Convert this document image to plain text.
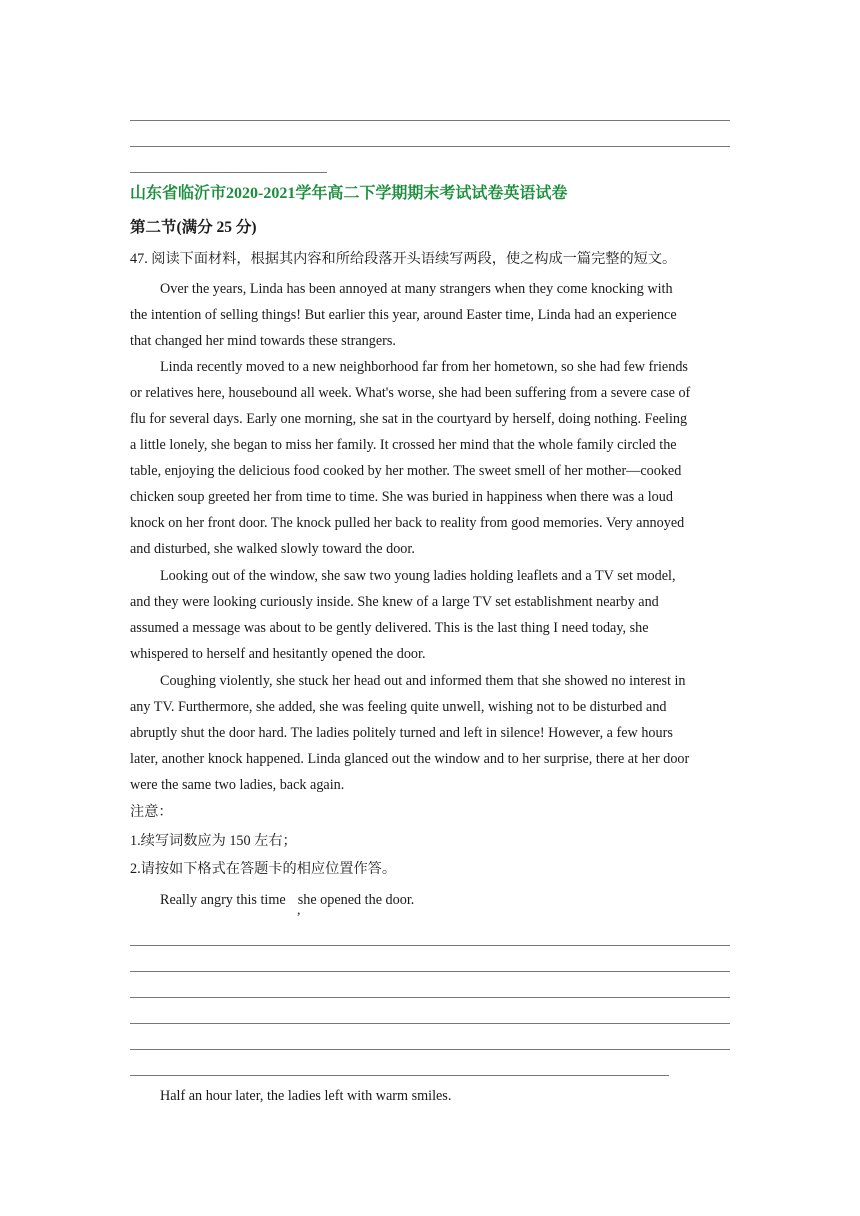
山东省临沂市2020-2021学年高二下学期期末考试试卷英语试卷
第二节(满分 25 分)
47. 阅读下面材料，根据其内容和所给段落开头语续写两段，使之构成一篇完整的短文。
Over the years, Linda has been annoyed at many strangers when they come knocking with
the intention of selling things! But earlier this year, around Easter time, Linda had an experience
that changed her mind towards these strangers.
Linda recently moved to a new neighborhood far from her hometown, so she had few friends
or relatives here, housebound all week. What's worse, she had been suffering from a severe case of
flu for several days. Early one morning, she sat in the courtyard by herself, doing nothing. Feeling
a little lonely, she began to miss her family. It crossed her mind that the whole family circled the
table, enjoying the delicious food cooked by her mother. The sweet smell of her mother—cooked
chicken soup greeted her from time to time. She was buried in happiness when there was a loud
knock on her front door. The knock pulled her back to reality from good memories. Very annoyed
and disturbed, she walked slowly toward the door.
Looking out of the window, she saw two young ladies holding leaflets and a TV set model,
and they were looking curiously inside. She knew of a large TV set establishment nearby and
assumed a message was about to be gently delivered. This is the last thing I need today, she
whispered to herself and hesitantly opened the door.
Coughing violently, she stuck her head out and informed them that she showed no interest in
any TV. Furthermore, she added, she was feeling quite unwell, wishing not to be disturbed and
abruptly shut the door hard. The ladies politely turned and left in silence! However, a few hours
later, another knock happened. Linda glanced out the window and to her surprise, there at her door
were the same two ladies, back again.
注意：
1.续写词数应为 150 左右；
2.请按如下格式在答题卡的相应位置作答。
Really angry this time she opened the door.
,
Half an hour later, the ladies left with warm smiles.
